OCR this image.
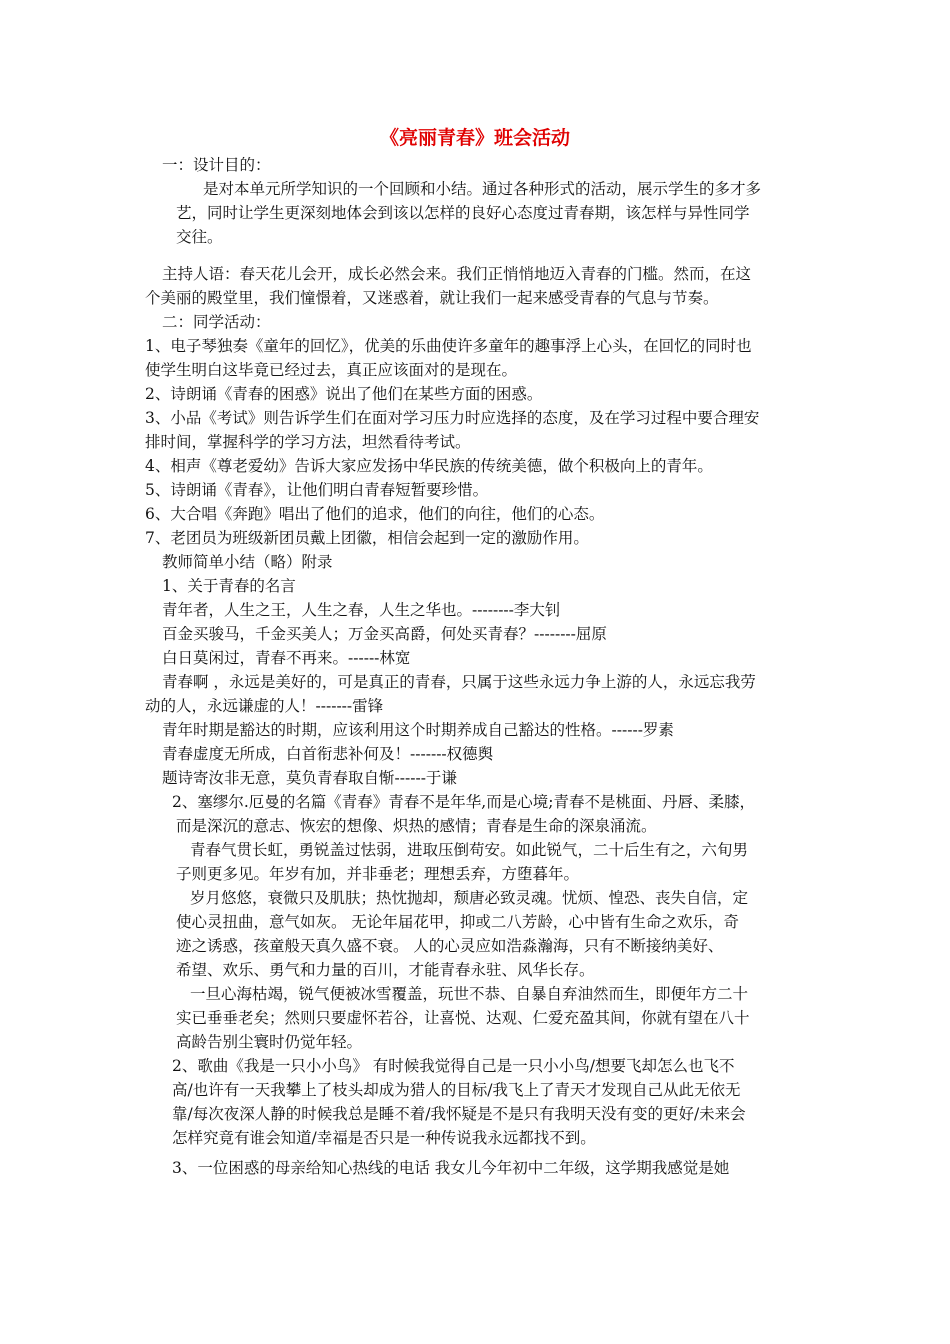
《亮丽青春》班会活动
一：设计目的：
是对本单元所学知识的一个回顾和小结。通过各种形式的活动，展示学生的多才多
艺，同时让学生更深刻地体会到该以怎样的良好心态度过青春期，该怎样与异性同学
交往。
主持人语：春天花儿会开，成长必然会来。我们正悄悄地迈入青春的门槛。然而，在这
个美丽的殿堂里，我们憧憬着，又迷惑着，就让我们一起来感受青春的气息与节奏。
二：同学活动：
1、电子琴独奏《童年的回忆》，优美的乐曲使许多童年的趣事浮上心头，在回忆的同时也
使学生明白这毕竟已经过去，真正应该面对的是现在。
2、诗朗诵《青春的困惑》说出了他们在某些方面的困惑。
3、小品《考试》则告诉学生们在面对学习压力时应选择的态度，及在学习过程中要合理安
排时间，掌握科学的学习方法，坦然看待考试。
4、相声《尊老爱幼》告诉大家应发扬中华民族的传统美德，做个积极向上的青年。
5、诗朗诵《青春》，让他们明白青春短暂要珍惜。
6、大合唱《奔跑》唱出了他们的追求，他们的向往，他们的心态。
7、老团员为班级新团员戴上团徽，相信会起到一定的激励作用。
教师简单小结（略）附录
1、关于青春的名言
青年者，人生之王，人生之春，人生之华也。--------李大钊
百金买骏马，千金买美人；万金买高爵，何处买青春？--------屈原
白日莫闲过，青春不再来。------林宽
青春啊 ，永远是美好的，可是真正的青春，只属于这些永远力争上游的人，永远忘我劳
动的人，永远谦虚的人！-------雷锋
青年时期是豁达的时期，应该利用这个时期养成自己豁达的性格。------罗素
青春虚度无所成，白首衔悲补何及！-------权德舆
题诗寄汝非无意，莫负青春取自惭------于谦
2、塞缪尔.厄曼的名篇《青春》青春不是年华,而是心境;青春不是桃面、丹唇、柔膝，
而是深沉的意志、恢宏的想像、炽热的感情；青春是生命的深泉涌流。
青春气贯长虹，勇锐盖过怯弱，进取压倒苟安。如此锐气，二十后生有之，六旬男
子则更多见。年岁有加，并非垂老；理想丢弃，方堕暮年。
岁月悠悠，衰微只及肌肤；热忱抛却，颓唐必致灵魂。忧烦、惶恐、丧失自信，定
使心灵扭曲，意气如灰。 无论年届花甲，抑或二八芳龄，心中皆有生命之欢乐，奇
迹之诱惑，孩童般天真久盛不衰。 人的心灵应如浩淼瀚海，只有不断接纳美好、
希望、欢乐、勇气和力量的百川，才能青春永驻、风华长存。
一旦心海枯竭，锐气便被冰雪覆盖，玩世不恭、自暴自弃油然而生，即便年方二十
实已垂垂老矣；然则只要虚怀若谷，让喜悦、达观、仁爱充盈其间，你就有望在八十
高龄告别尘寰时仍觉年轻。
2、歌曲《我是一只小小鸟》 有时候我觉得自己是一只小小鸟/想要飞却怎么也飞不
高/也许有一天我攀上了枝头却成为猎人的目标/我飞上了青天才发现自己从此无依无
靠/每次夜深人静的时候我总是睡不着/我怀疑是不是只有我明天没有变的更好/未来会
怎样究竟有谁会知道/幸福是否只是一种传说我永远都找不到。
3、一位困惑的母亲给知心热线的电话 我女儿今年初中二年级，这学期我感觉是她
